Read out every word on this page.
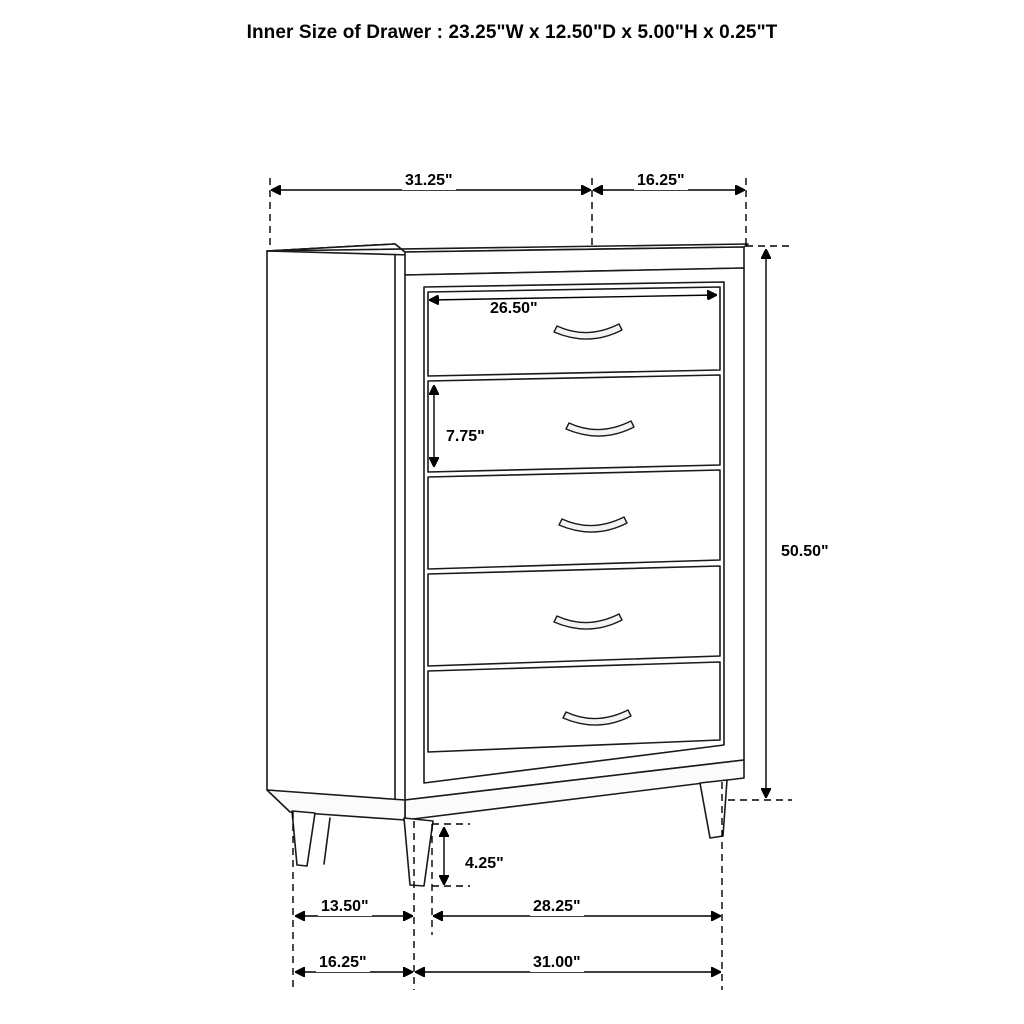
Inner Size of Drawer : 23.25"W x 12.50"D x 5.00"H x 0.25"T
31.25"	16.25"
26.50"
7.75"
50.50"
4.25"
13.50"	28.25"
16.25"	31.00"
